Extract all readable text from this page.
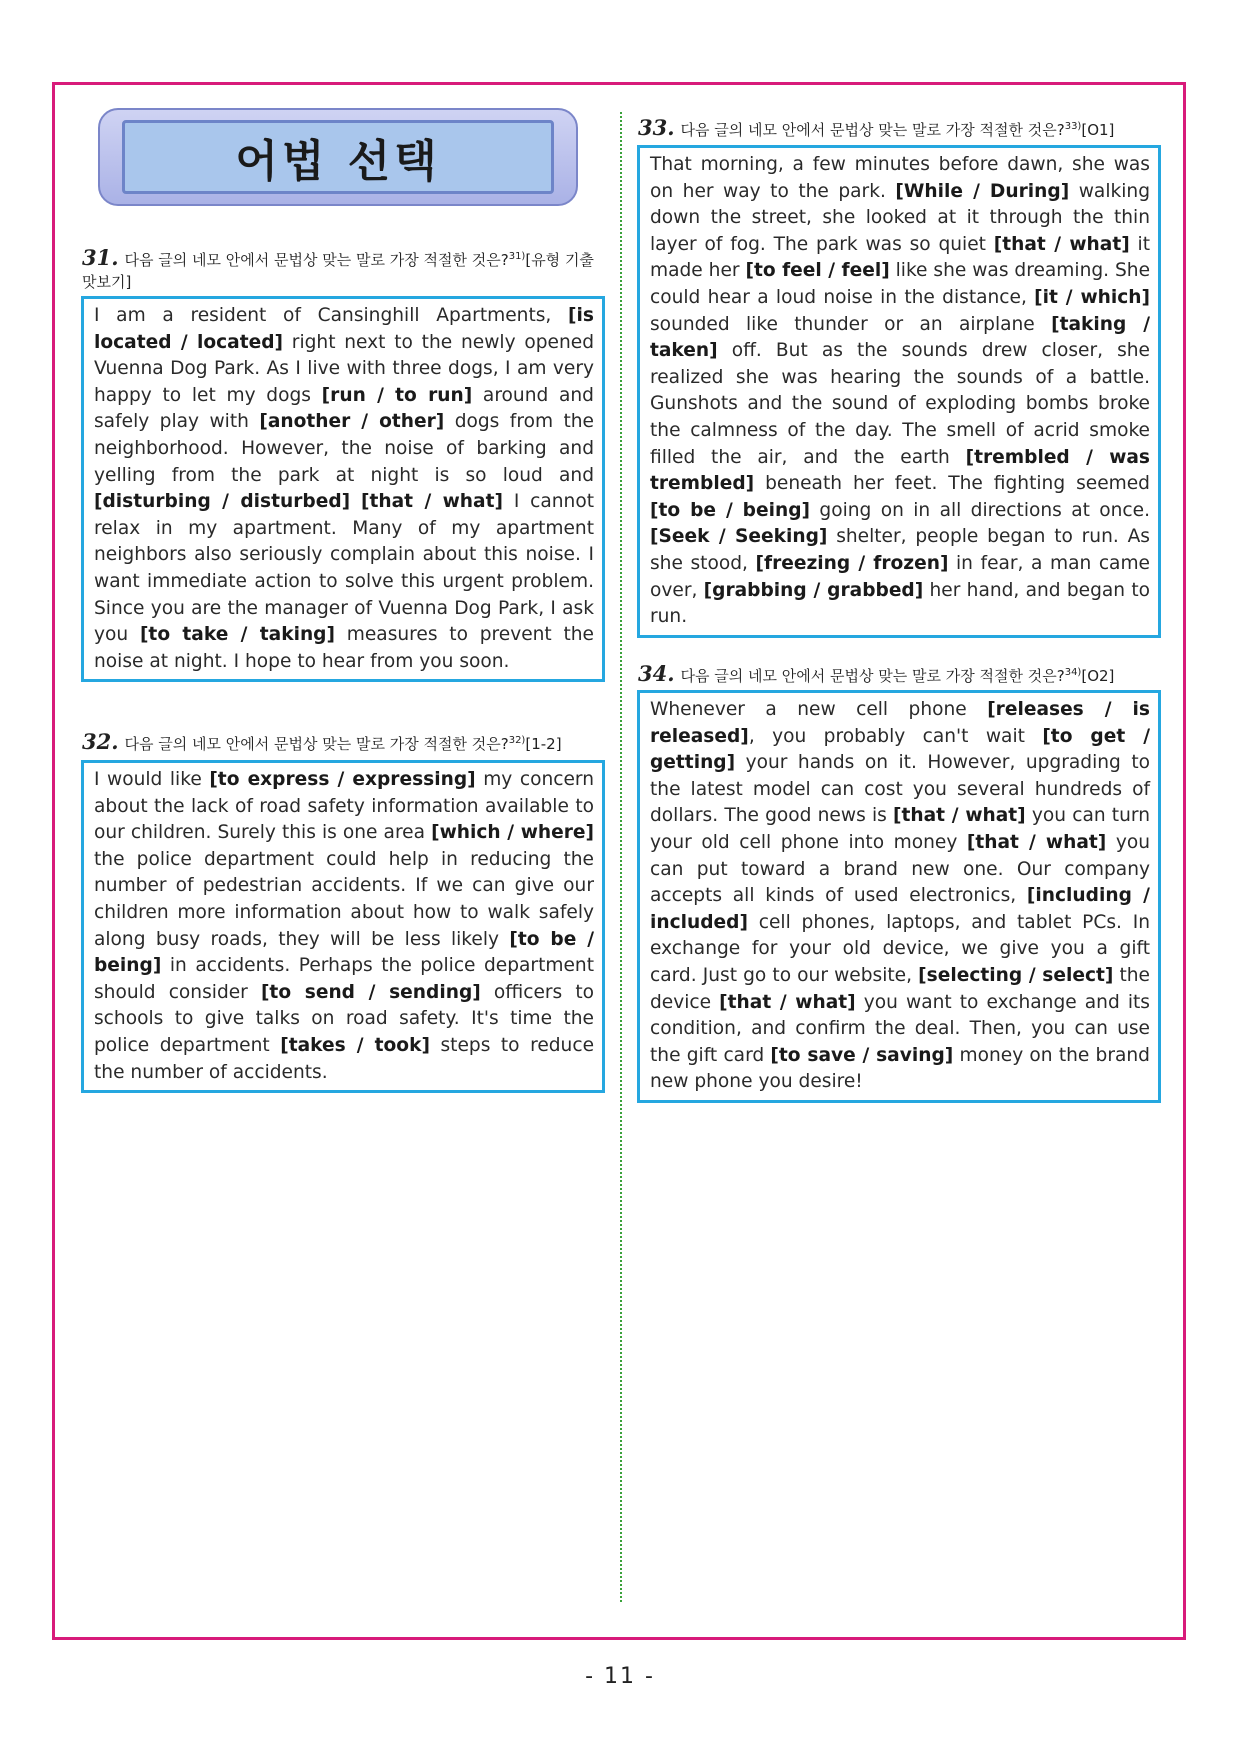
어법 선택
31. 다음 글의 네모 안에서 문법상 맞는 말로 가장 적절한 것은?$^{31)}$[유형 기출 맛보기]
I am a resident of Cansinghill Apartments, [is located / located] right next to the newly opened Vuenna Dog Park. As I live with three dogs, I am very happy to let my dogs [run / to run] around and safely play with [another / other] dogs from the neighborhood. However, the noise of barking and yelling from the park at night is so loud and [disturbing / disturbed] [that / what] I cannot relax in my apartment. Many of my apartment neighbors also seriously complain about this noise. I want immediate action to solve this urgent problem. Since you are the manager of Vuenna Dog Park, I ask you [to take / taking] measures to prevent the noise at night. I hope to hear from you soon.
32. 다음 글의 네모 안에서 문법상 맞는 말로 가장 적절한 것은?$^{32)}$[1-2]
I would like [to express / expressing] my concern about the lack of road safety information available to our children. Surely this is one area [which / where] the police department could help in reducing the number of pedestrian accidents. If we can give our children more information about how to walk safely along busy roads, they will be less likely [to be / being] in accidents. Perhaps the police department should consider [to send / sending] officers to schools to give talks on road safety. It's time the police department [takes / took] steps to reduce the number of accidents.
33. 다음 글의 네모 안에서 문법상 맞는 말로 가장 적절한 것은?$^{33)}$[O1]
That morning, a few minutes before dawn, she was on her way to the park. [While / During] walking down the street, she looked at it through the thin layer of fog. The park was so quiet [that / what] it made her [to feel / feel] like she was dreaming. She could hear a loud noise in the distance, [it / which] sounded like thunder or an airplane [taking / taken] off. But as the sounds drew closer, she realized she was hearing the sounds of a battle. Gunshots and the sound of exploding bombs broke the calmness of the day. The smell of acrid smoke filled the air, and the earth [trembled / was trembled] beneath her feet. The fighting seemed [to be / being] going on in all directions at once. [Seek / Seeking] shelter, people began to run. As she stood, [freezing / frozen] in fear, a man came over, [grabbing / grabbed] her hand, and began to run.
34. 다음 글의 네모 안에서 문법상 맞는 말로 가장 적절한 것은?$^{34)}$[O2]
Whenever a new cell phone [releases / is released], you probably can't wait [to get / getting] your hands on it. However, upgrading to the latest model can cost you several hundreds of dollars. The good news is [that / what] you can turn your old cell phone into money [that / what] you can put toward a brand new one. Our company accepts all kinds of used electronics, [including / included] cell phones, laptops, and tablet PCs. In exchange for your old device, we give you a gift card. Just go to our website, [selecting / select] the device [that / what] you want to exchange and its condition, and confirm the deal. Then, you can use the gift card [to save / saving] money on the brand new phone you desire!
- 11 -
